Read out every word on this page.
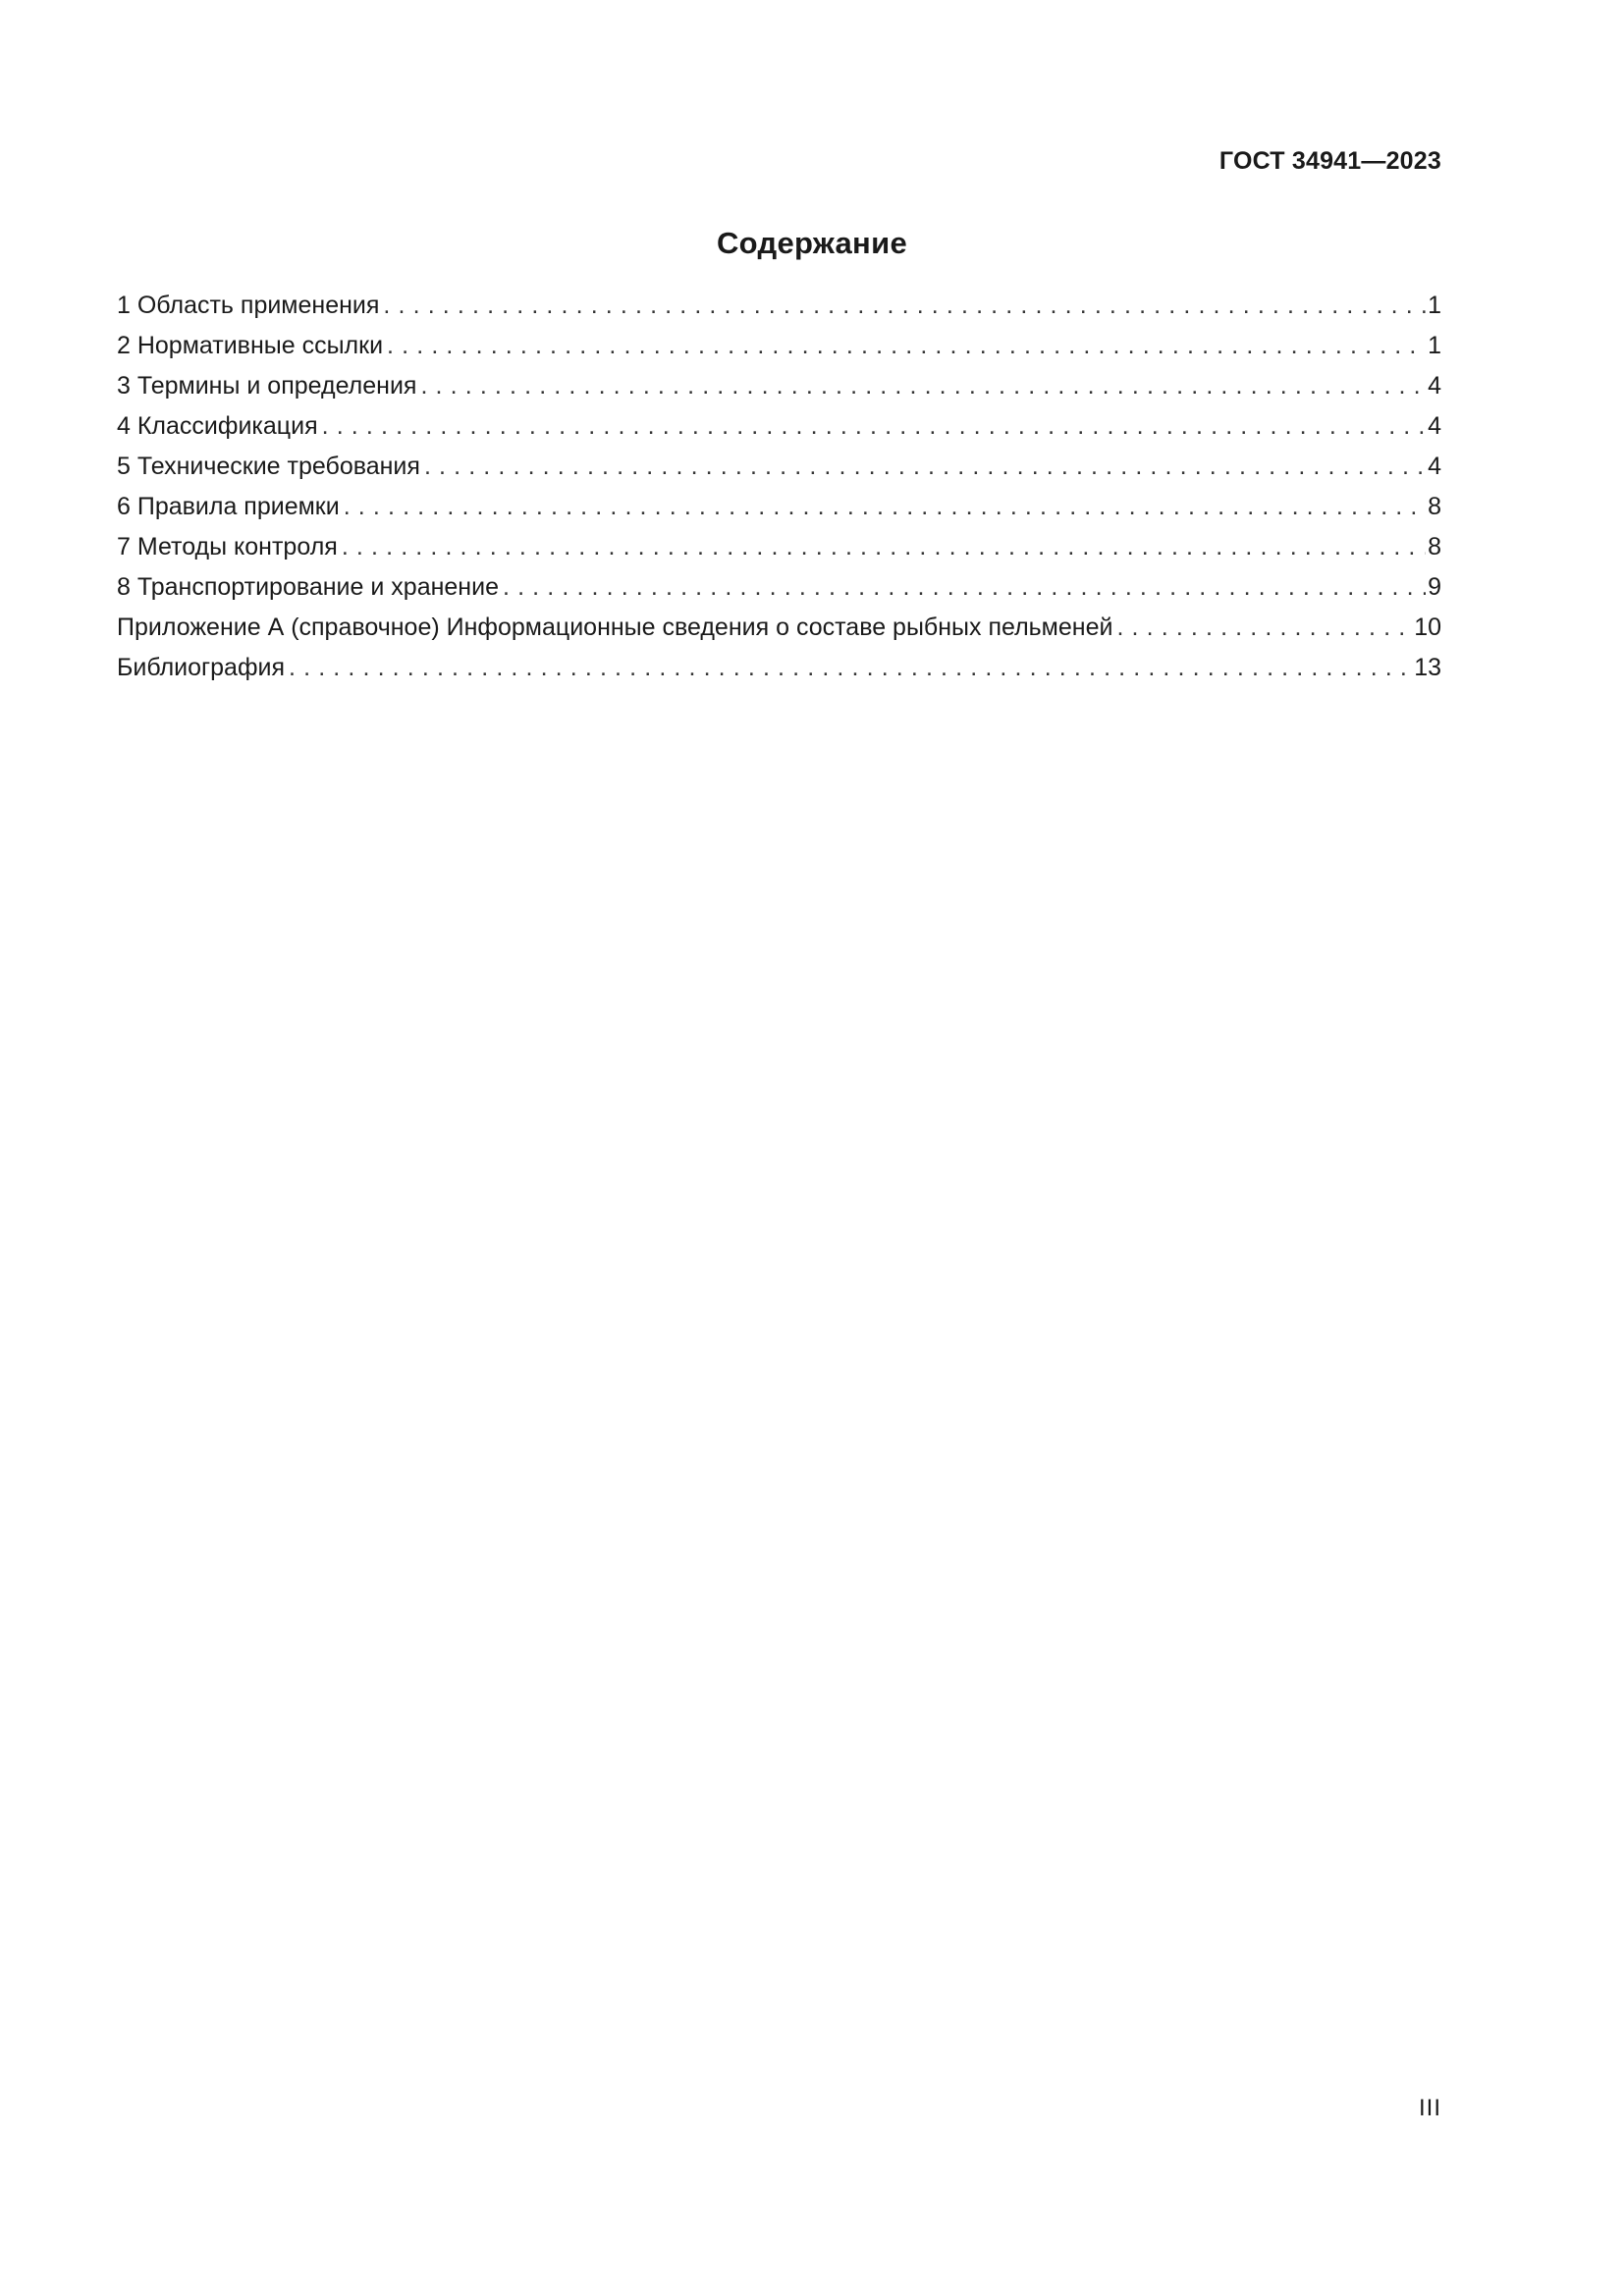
ГОСТ 34941—2023
Содержание
1 Область применения . . .	1
2 Нормативные ссылки . . .	1
3 Термины и определения . . .	4
4 Классификация . . .	4
5 Технические требования . . .	4
6 Правила приемки . . .	8
7 Методы контроля . . .	8
8 Транспортирование и хранение . . .	9
Приложение А (справочное) Информационные сведения о составе рыбных пельменей . . .	10
Библиография . . .	13
III
